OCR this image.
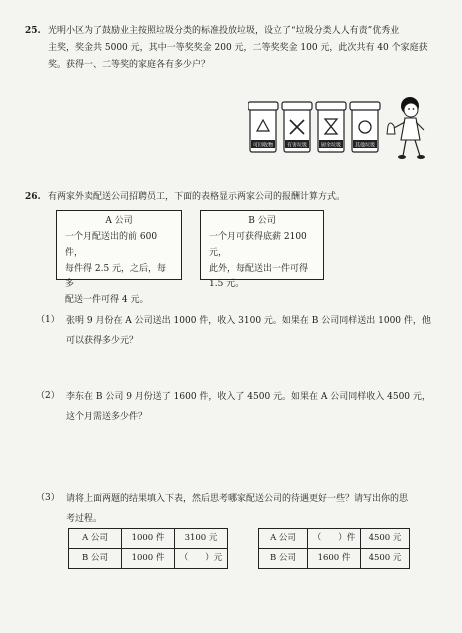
25. 光明小区为了鼓励业主按照垃圾分类的标准投放垃圾，设立了“垃圾分类人人有责”优秀业
主奖，奖金共 5000 元，其中一等奖奖金 200 元，二等奖奖金 100 元，此次共有 40 个家庭获
奖。获得一、二等奖的家庭各有多少户？
可回收物	有害垃圾	厨余垃圾	其他垃圾
26. 有两家外卖配送公司招聘员工，下面的表格显示两家公司的报酬计算方式。
A 公司
一个月配送出的前 600 件，
每件得 2.5 元，之后，每多
配送一件可得 4 元。
B 公司
一个月可获得底薪 2100 元，
此外，每配送出一件可得
1.5 元。
（1） 张明 9 月份在 A 公司送出 1000 件，收入 3100 元。如果在 B 公司同样送出 1000 件，他
可以获得多少元？
（2） 李东在 B 公司 9 月份送了 1600 件，收入了 4500 元。如果在 A 公司同样收入 4500 元，
这个月需送多少件？
（3） 请将上面两题的结果填入下表，然后思考哪家配送公司的待遇更好一些？请写出你的思
考过程。
A 公司	1000 件	3100 元
B 公司	1000 件	（　　）元
A 公司	（　　）件	4500 元
B 公司	1600 件	4500 元
